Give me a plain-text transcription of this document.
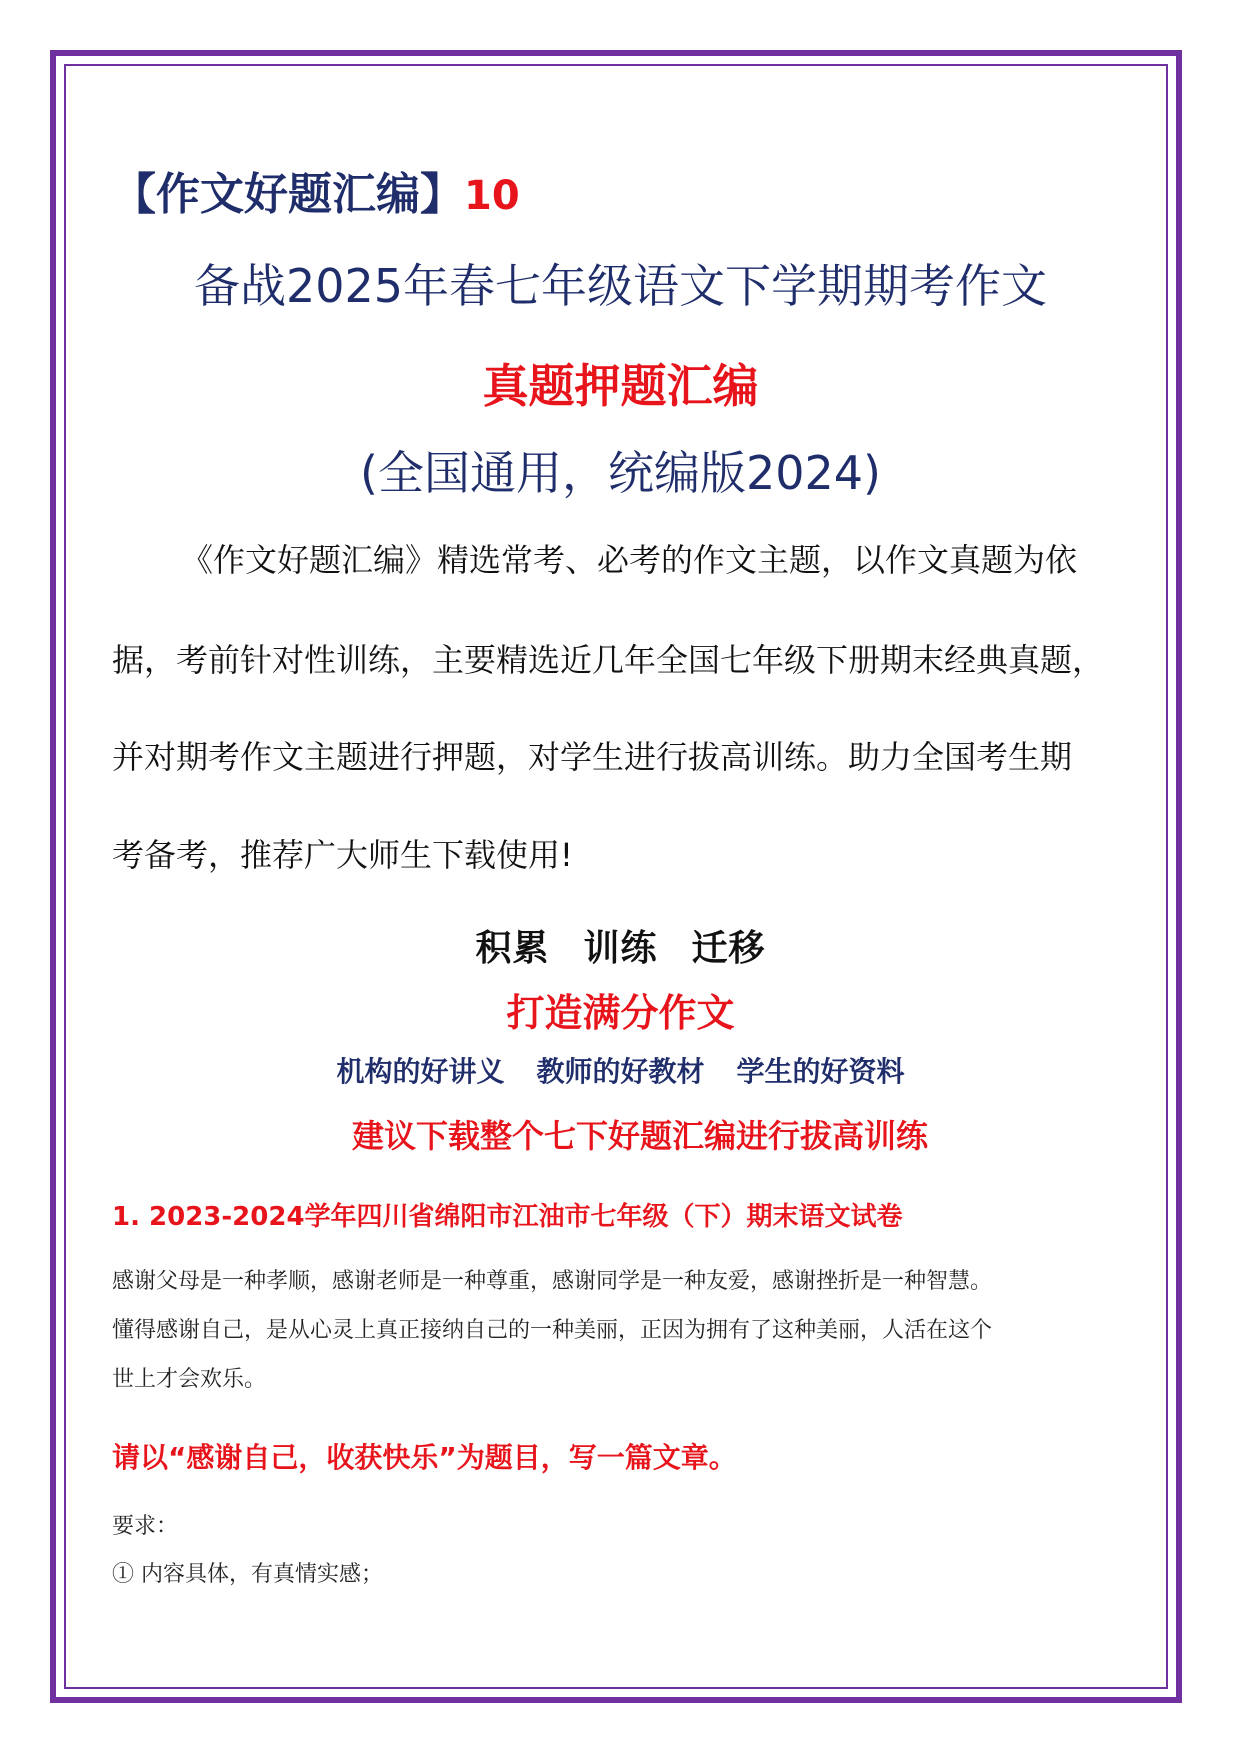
【作文好题汇编】10
备战2025年春七年级语文下学期期考作文
真题押题汇编
(全国通用，统编版2024)
《作文好题汇编》精选常考、必考的作文主题，以作文真题为依
据，考前针对性训练，主要精选近几年全国七年级下册期末经典真题，
并对期考作文主题进行押题，对学生进行拔高训练。助力全国考生期
考备考，推荐广大师生下载使用!
积累 训练 迁移
打造满分作文
机构的好讲义 教师的好教材 学生的好资料
建议下载整个七下好题汇编进行拔高训练
1. 2023-2024学年四川省绵阳市江油市七年级（下）期末语文试卷
感谢父母是一种孝顺，感谢老师是一种尊重，感谢同学是一种友爱，感谢挫折是一种智慧。
懂得感谢自己，是从心灵上真正接纳自己的一种美丽，正因为拥有了这种美丽，人活在这个
世上才会欢乐。
请以“感谢自己，收获快乐”为题目，写一篇文章。
要求：
① 内容具体，有真情实感；
